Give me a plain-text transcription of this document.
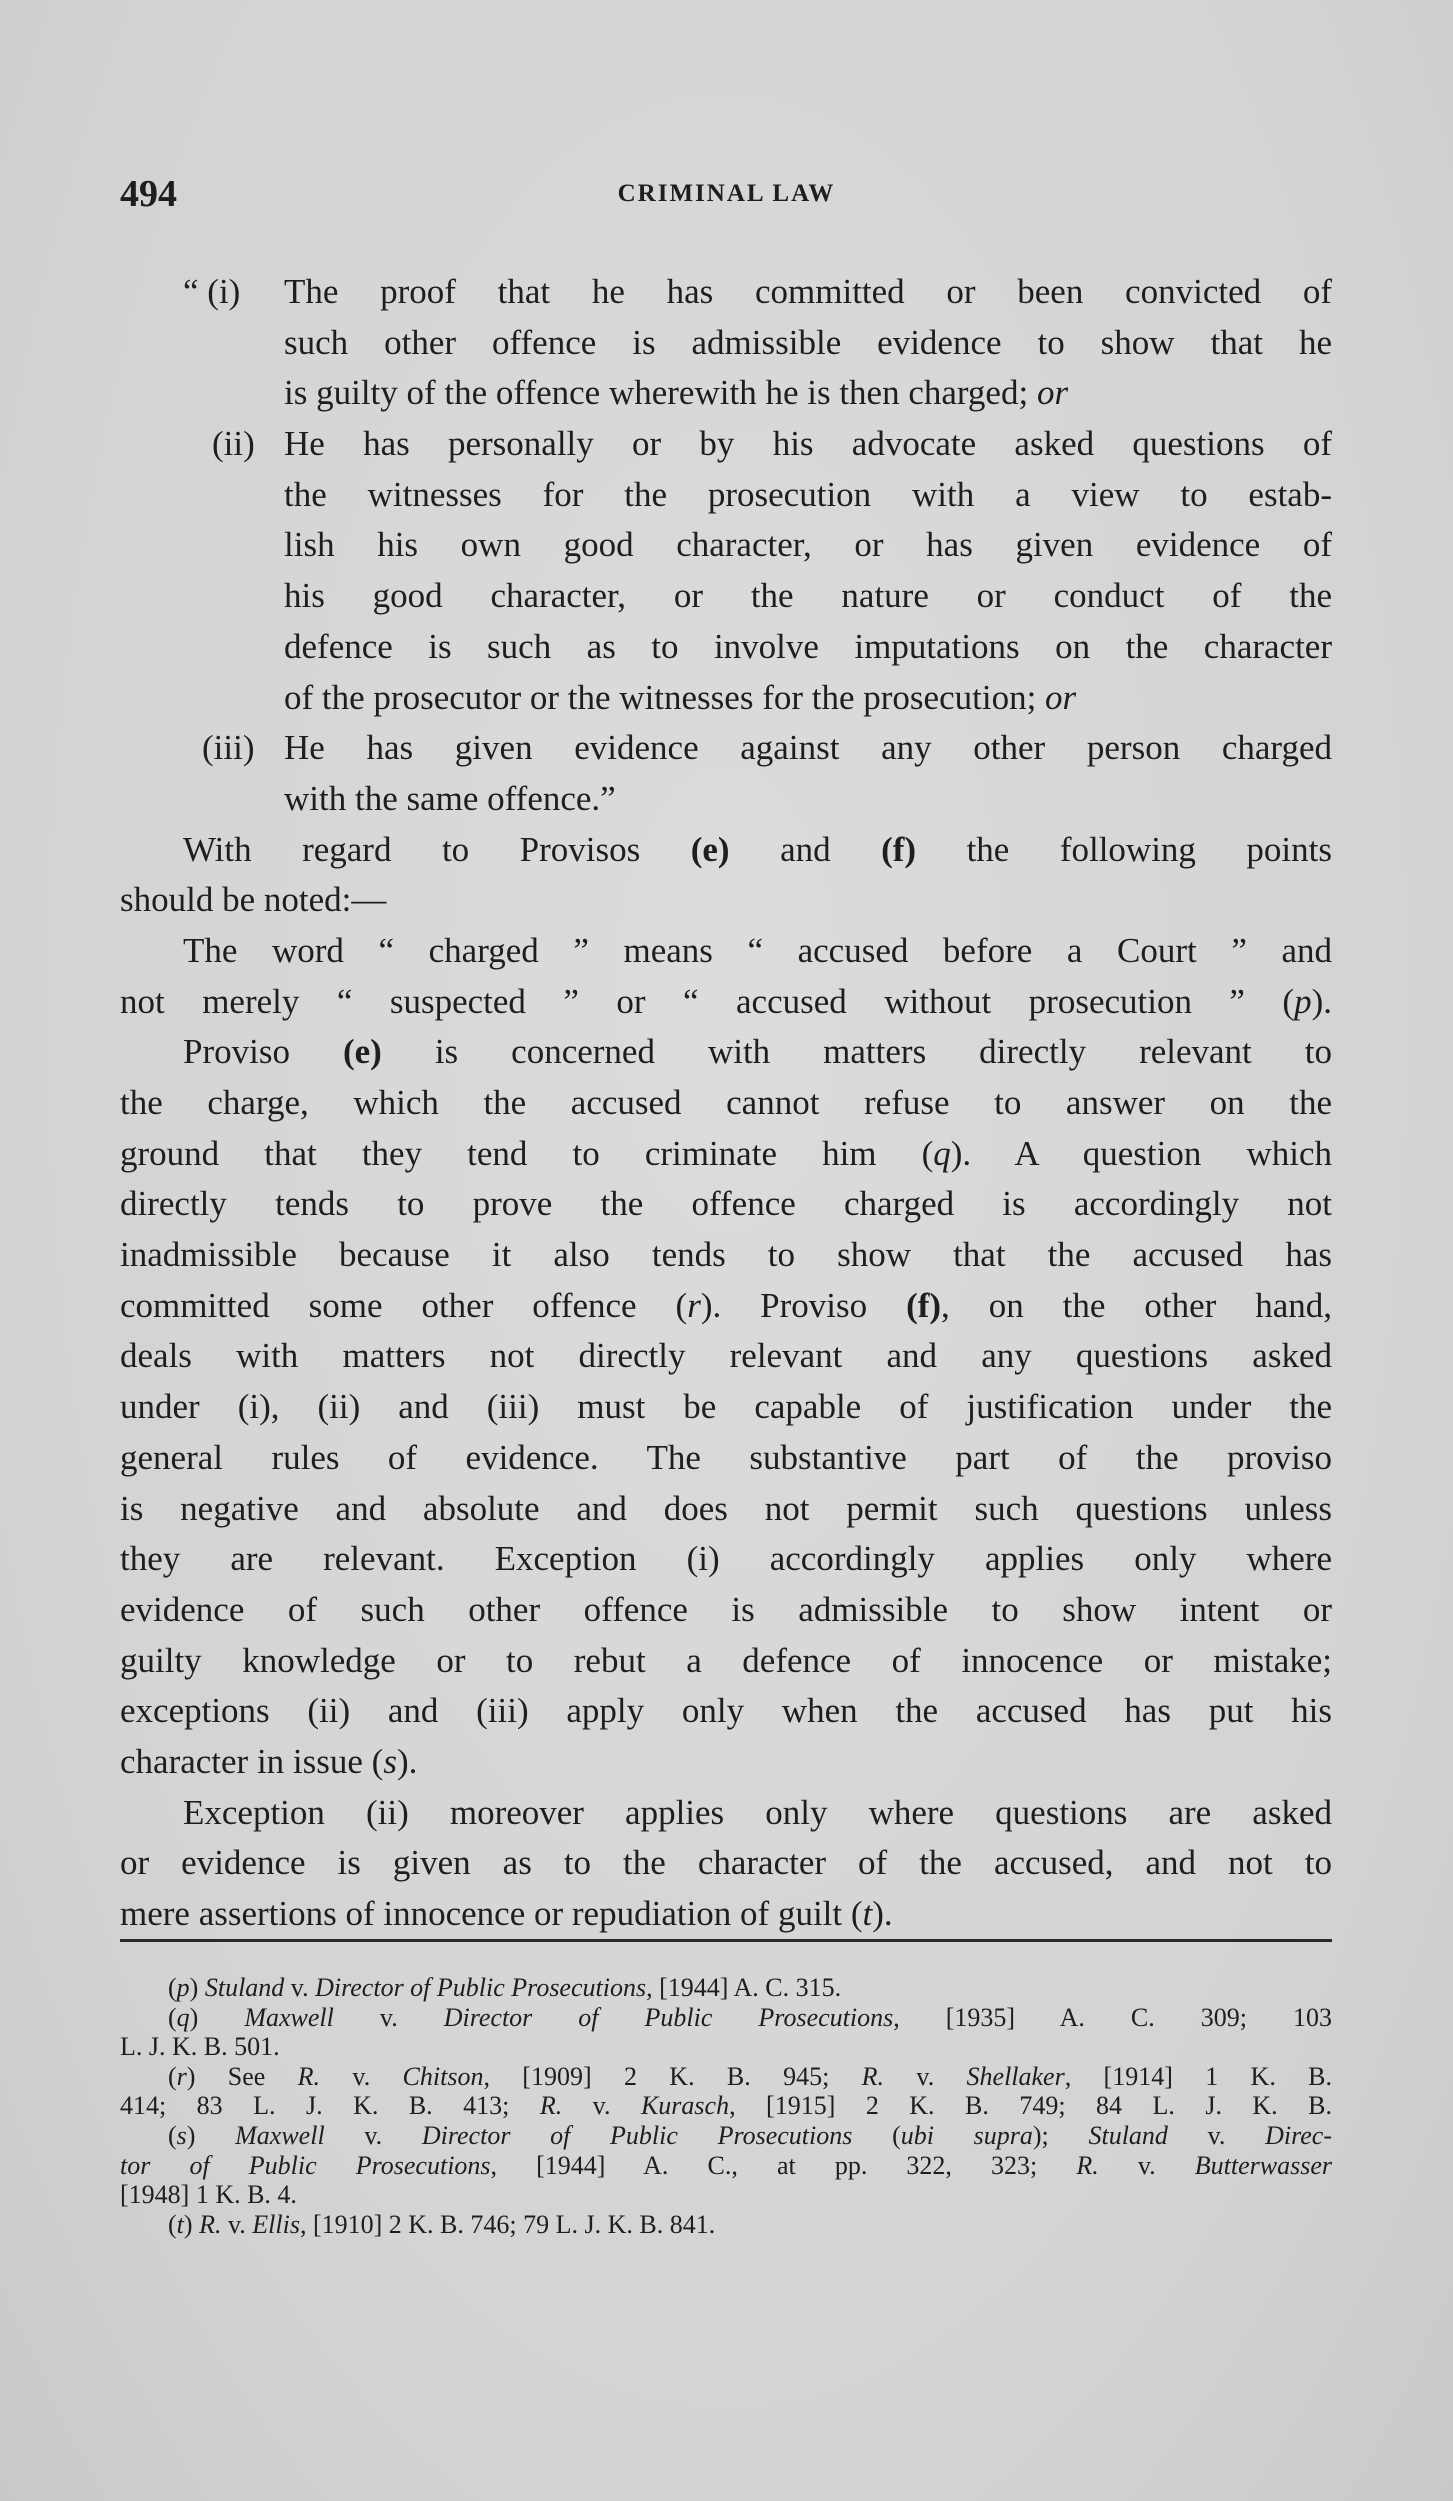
494	CRIMINAL LAW
“ (i) The proof that he has committed or been convicted of
such other offence is admissible evidence to show that he
is guilty of the offence wherewith he is then charged; or
(ii) He has personally or by his advocate asked questions of
the witnesses for the prosecution with a view to estab-
lish his own good character, or has given evidence of
his good character, or the nature or conduct of the
defence is such as to involve imputations on the character
of the prosecutor or the witnesses for the prosecution; or
(iii) He has given evidence against any other person charged
with the same offence.”
With regard to Provisos (e) and (f) the following points
should be noted:—
The word “ charged ” means “ accused before a Court ” and
not merely “ suspected ” or “ accused without prosecution ” (p).
Proviso (e) is concerned with matters directly relevant to
the charge, which the accused cannot refuse to answer on the
ground that they tend to criminate him (q). A question which
directly tends to prove the offence charged is accordingly not
inadmissible because it also tends to show that the accused has
committed some other offence (r). Proviso (f), on the other hand,
deals with matters not directly relevant and any questions asked
under (i), (ii) and (iii) must be capable of justification under the
general rules of evidence. The substantive part of the proviso
is negative and absolute and does not permit such questions unless
they are relevant. Exception (i) accordingly applies only where
evidence of such other offence is admissible to show intent or
guilty knowledge or to rebut a defence of innocence or mistake;
exceptions (ii) and (iii) apply only when the accused has put his
character in issue (s).
Exception (ii) moreover applies only where questions are asked
or evidence is given as to the character of the accused, and not to
mere assertions of innocence or repudiation of guilt (t).
(p) Stuland v. Director of Public Prosecutions, [1944] A. C. 315.
(q) Maxwell v. Director of Public Prosecutions, [1935] A. C. 309; 103
L. J. K. B. 501.
(r) See R. v. Chitson, [1909] 2 K. B. 945; R. v. Shellaker, [1914] 1 K. B.
414; 83 L. J. K. B. 413; R. v. Kurasch, [1915] 2 K. B. 749; 84 L. J. K. B.
(s) Maxwell v. Director of Public Prosecutions (ubi supra); Stuland v. Direc-
tor of Public Prosecutions, [1944] A. C., at pp. 322, 323; R. v. Butterwasser
[1948] 1 K. B. 4.
(t) R. v. Ellis, [1910] 2 K. B. 746; 79 L. J. K. B. 841.
